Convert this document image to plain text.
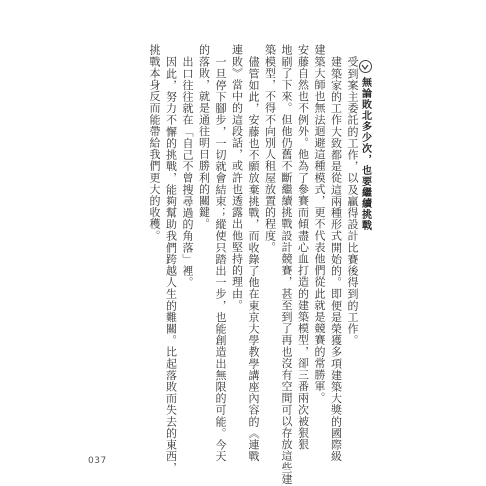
無論敗北多少次，也要繼續挑戰
受到案主委託的工作，以及贏得設計比賽後得到的工作。
建築家的工作大致都是從這兩種形式開始的。即便是榮獲多項建築大獎的國際級
建築大師也無法迴避這種模式，更不代表他們從此就是競賽的常勝軍。
安藤自然也不例外。他為了參賽而傾盡心血打造的建築模型，卻三番兩次被狠狠
地刷了下來。但他仍舊不斷繼續挑戰設計競賽，甚至到了再也沒有空間可以存放這些建
築模型，不得不向別人租屋放置的程度。
儘管如此，安藤也不願放棄挑戰，而收錄了他在東京大學教學講座內容的《連戰
連敗》當中的這段話，或許也透露出他堅持的理由。
一旦停下腳步，一切就會結束；縱使只踏出一步，也能創造出無限的可能。今天
的落敗，就是通往明日勝利的關鍵。
出口往往就在「自己不曾搜尋過的角落」裡。
因此，努力不懈的挑戰，能夠幫助我們跨越人生的難關。比起落敗而失去的東西，
挑戰本身反而能帶給我們更大的收穫。
037
